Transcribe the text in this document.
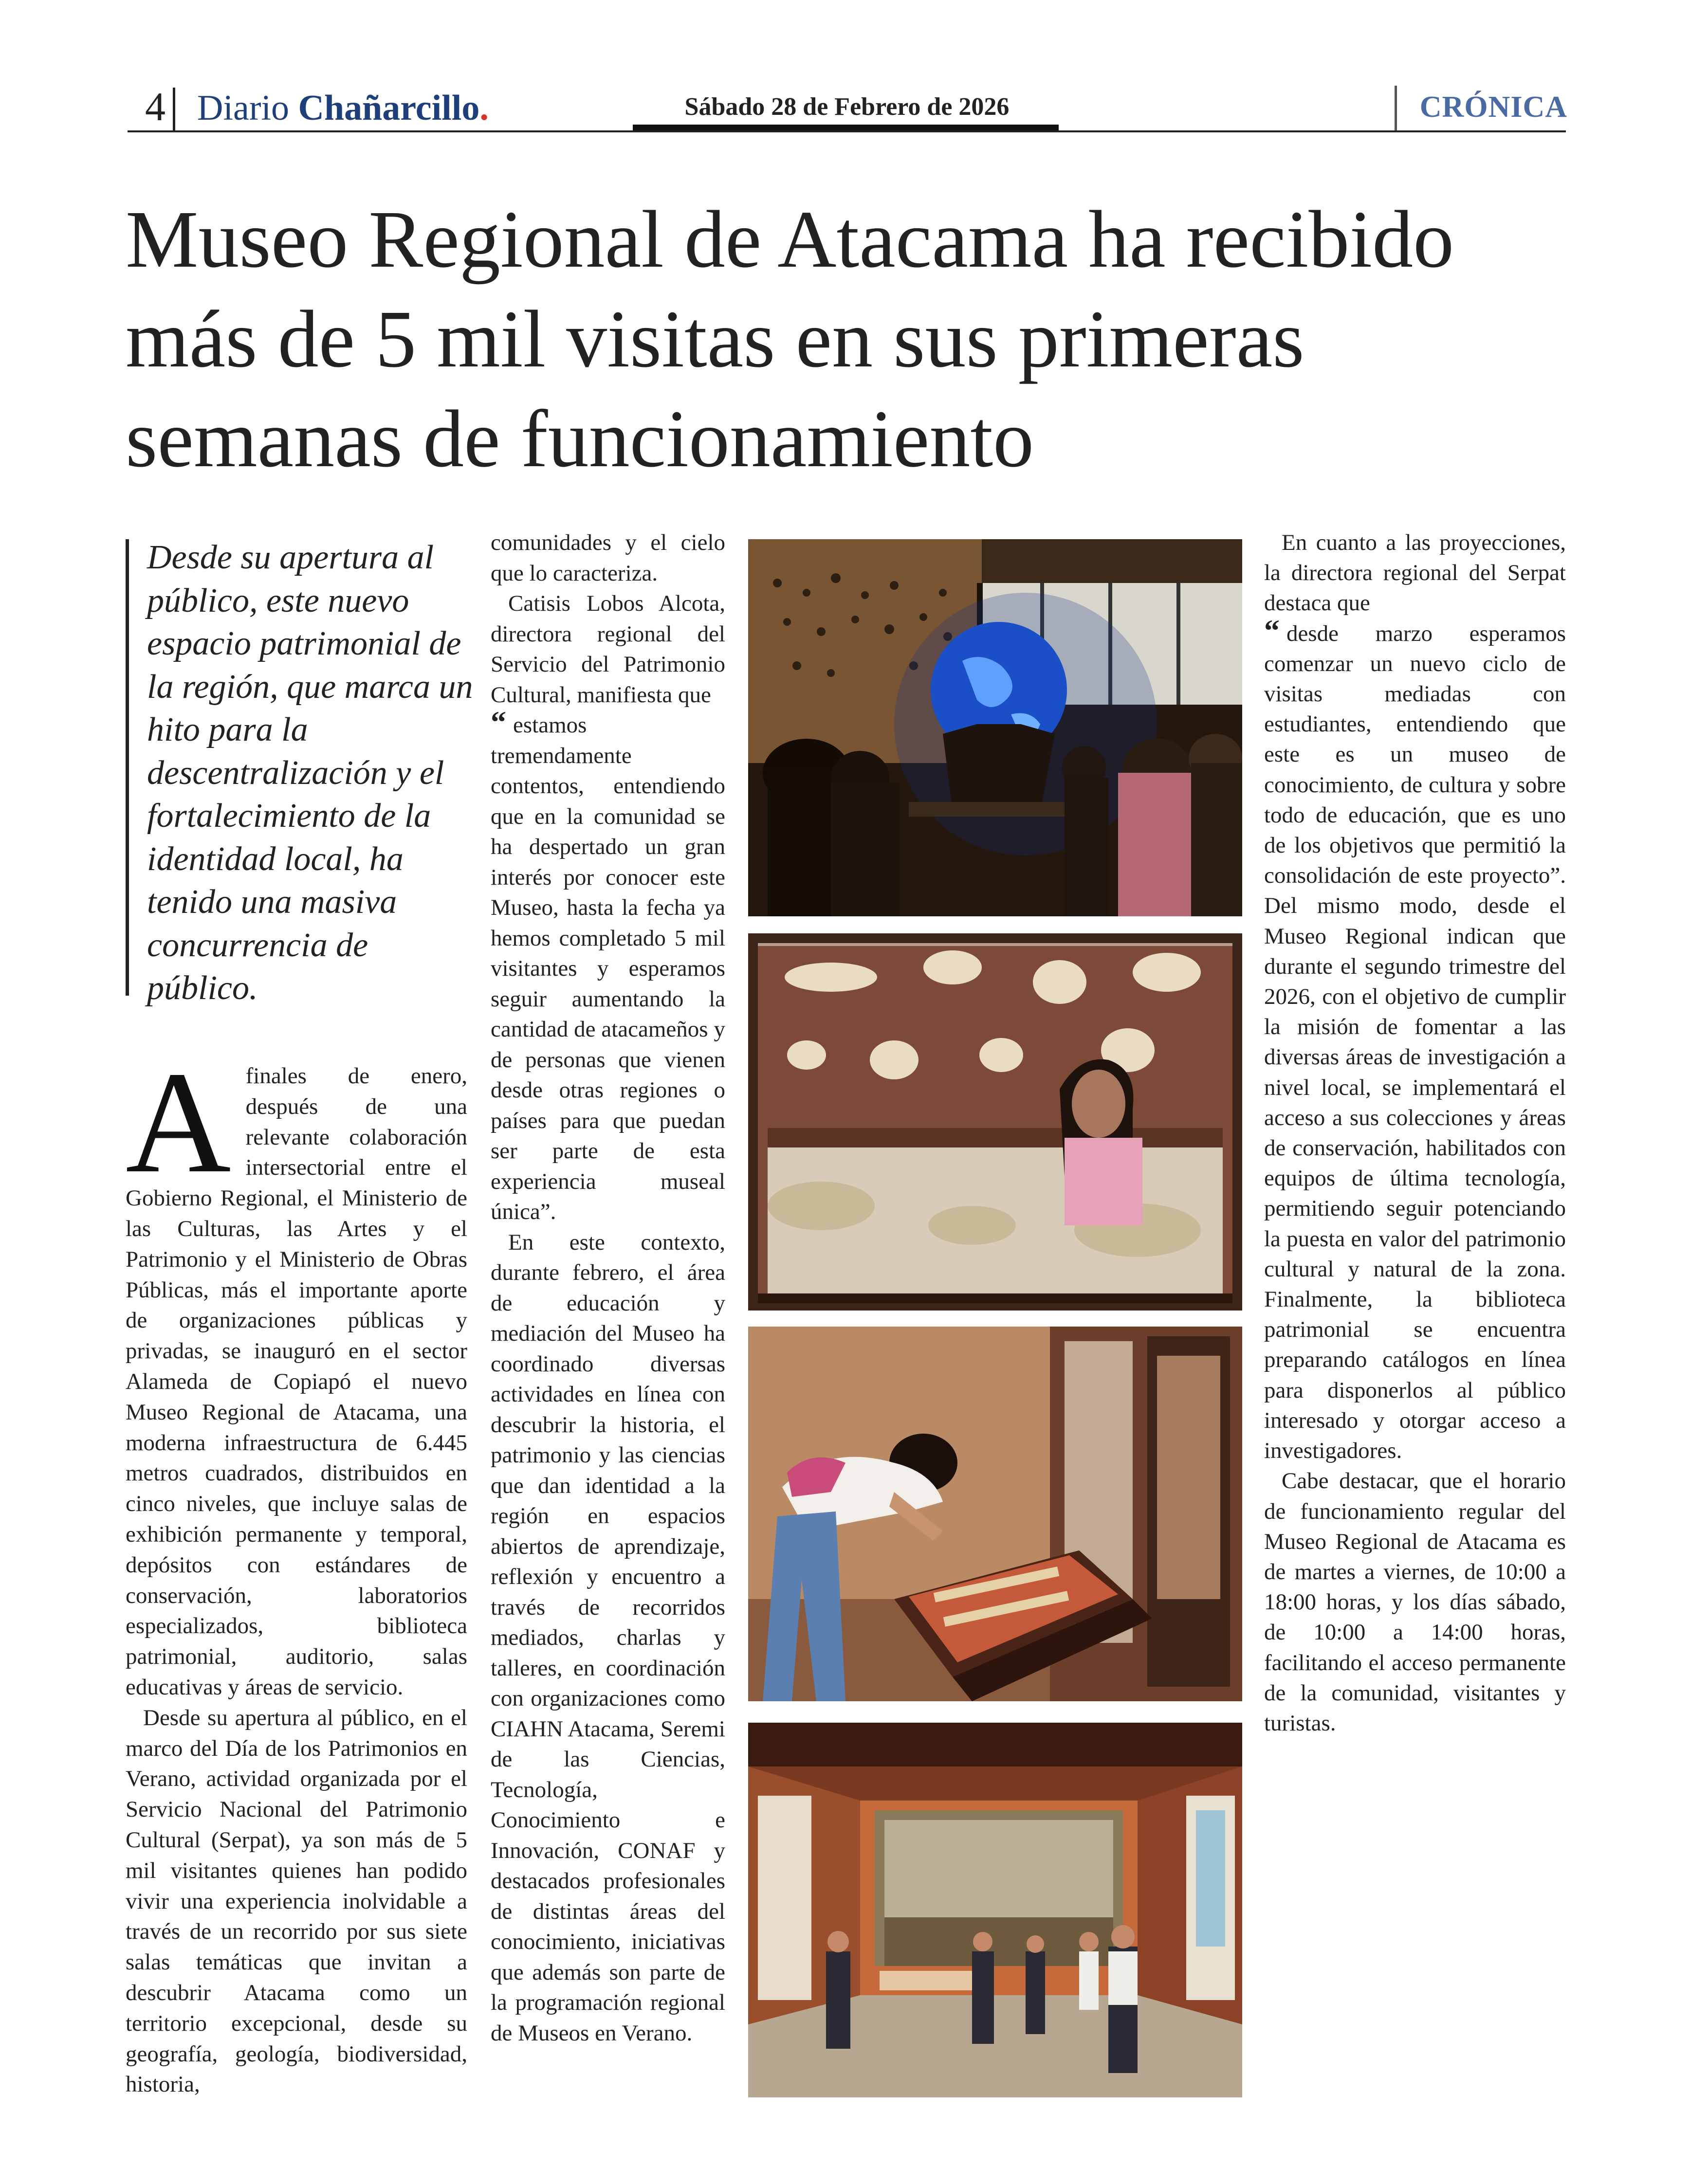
4 Diario Chañarcillo.	Sábado 28 de Febrero de 2026	CRÓNICA
Museo Regional de Atacama ha recibido más de 5 mil visitas en sus primeras semanas de funcionamiento
Desde su apertura al público, este nuevo espacio patrimonial de la región, que marca un hito para la descentralización y el fortalecimiento de la identidad local, ha tenido una masiva concurrencia de público.

A finales de enero, después de una relevante colaboración intersectorial entre el Gobierno Regional, el Ministerio de las Culturas, las Artes y el Patrimonio y el Ministerio de Obras Públicas, más el importante aporte de organizaciones públicas y privadas, se inauguró en el sector Alameda de Copiapó el nuevo Museo Regional de Atacama, una moderna infraestructura de 6.445 metros cuadrados, distribuidos en cinco niveles, que incluye salas de exhibición permanente y temporal, depósitos con estándares de conservación, laboratorios especializados, biblioteca patrimonial, auditorio, salas educativas y áreas de servicio.

Desde su apertura al público, en el marco del Día de los Patrimonios en Verano, actividad organizada por el Servicio Nacional del Patrimonio Cultural (Serpat), ya son más de 5 mil visitantes quienes han podido vivir una experiencia inolvidable a través de un recorrido por sus siete salas temáticas que invitan a descubrir Atacama como un territorio excepcional, desde su geografía, geología, biodiversidad, historia,

comunidades y el cielo que lo caracteriza.

Catisis Lobos Alcota, directora regional del Servicio del Patrimonio Cultural, manifiesta que

“ estamos tremendamente contentos, entendiendo que en la comunidad se ha despertado un gran interés por conocer este Museo, hasta la fecha ya hemos completado 5 mil visitantes y esperamos seguir aumentando la cantidad de atacameños y de personas que vienen desde otras regiones o países para que puedan ser parte de esta experiencia museal única”.

En este contexto, durante febrero, el área de educación y mediación del Museo ha coordinado diversas actividades en línea con descubrir la historia, el patrimonio y las ciencias que dan identidad a la región en espacios abiertos de aprendizaje, reflexión y encuentro a través de recorridos mediados, charlas y talleres, en coordinación con organizaciones como CIAHN Atacama, Seremi de las Ciencias, Tecnología, Conocimiento e Innovación, CONAF y destacados profesionales de distintas áreas del conocimiento, iniciativas que además son parte de la programación regional de Museos en Verano.

En cuanto a las proyecciones, la directora regional del Serpat destaca que

“ desde marzo esperamos comenzar un nuevo ciclo de visitas mediadas con estudiantes, entendiendo que este es un museo de conocimiento, de cultura y sobre todo de educación, que es uno de los objetivos que permitió la consolidación de este proyecto”. Del mismo modo, desde el Museo Regional indican que durante el segundo trimestre del 2026, con el objetivo de cumplir la misión de fomentar a las diversas áreas de investigación a nivel local, se implementará el acceso a sus colecciones y áreas de conservación, habilitados con equipos de última tecnología, permitiendo seguir potenciando la puesta en valor del patrimonio cultural y natural de la zona. Finalmente, la biblioteca patrimonial se encuentra preparando catálogos en línea para disponerlos al público interesado y otorgar acceso a investigadores.

Cabe destacar, que el horario de funcionamiento regular del Museo Regional de Atacama es de martes a viernes, de 10:00 a 18:00 horas, y los días sábado, de 10:00 a 14:00 horas, facilitando el acceso permanente de la comunidad, visitantes y turistas.
